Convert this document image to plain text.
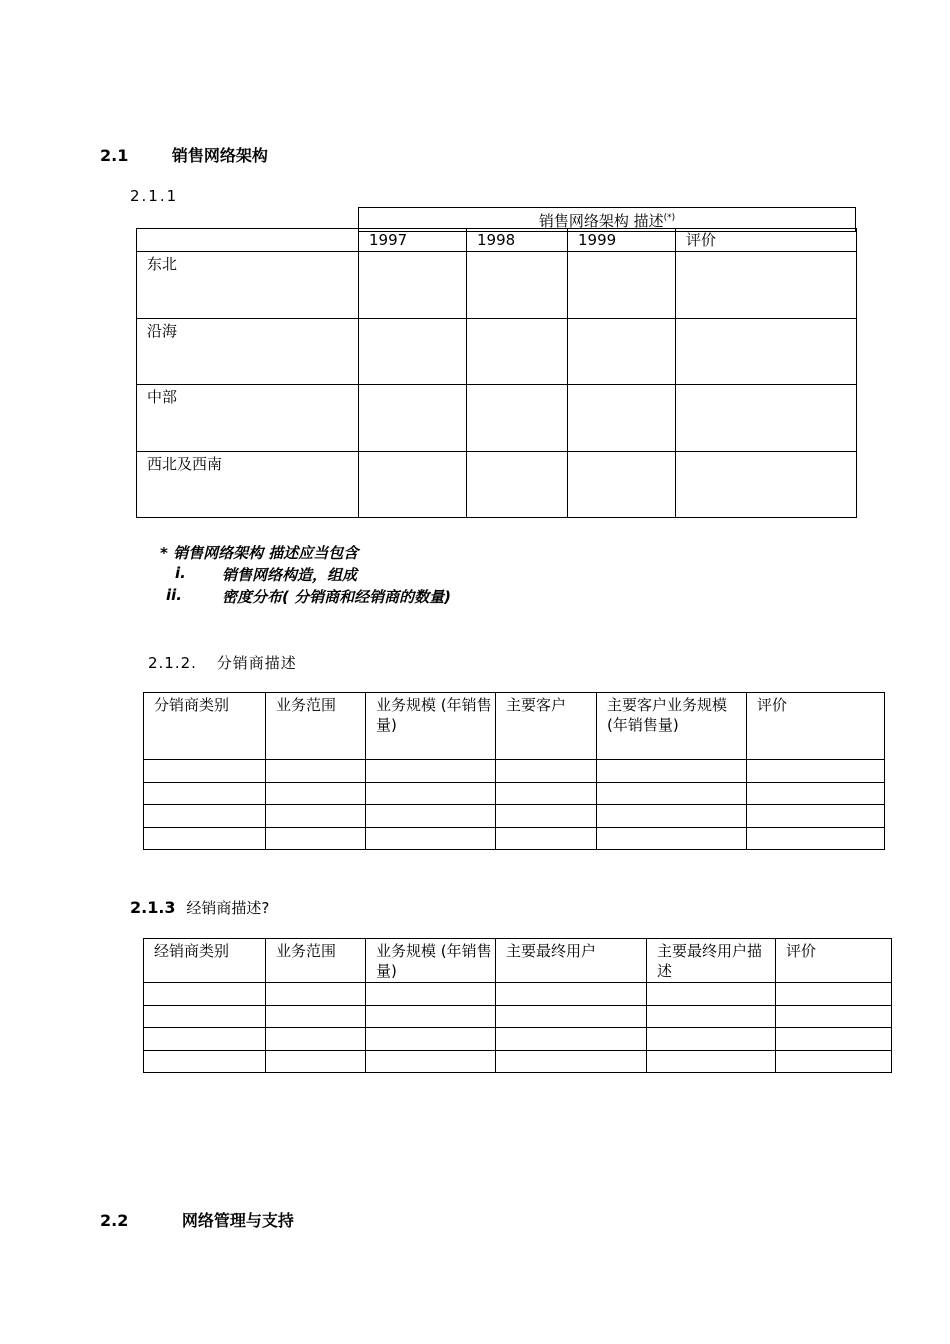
2.1	销售网络架构
2.1.1
销售网络架构 描述(*)

	1997	1998	1999	评价

东北				

沿海				

中部				

西北及西南				

* 销售网络架构 描述应当包含
i. 销售网络构造，组成
ii.	密度分布( 分销商和经销商的数量)
2.1.2. 分销商描述
分销商类别	业务范围	业务规模 (年销售量)	主要客户	主要客户业务规模 (年销售量)	评价

2.1.3 经销商描述?
经销商类别	业务范围	业务规模 (年销售量)	主要最终用户	主要最终用户描述	评价

2.2	网络管理与支持
